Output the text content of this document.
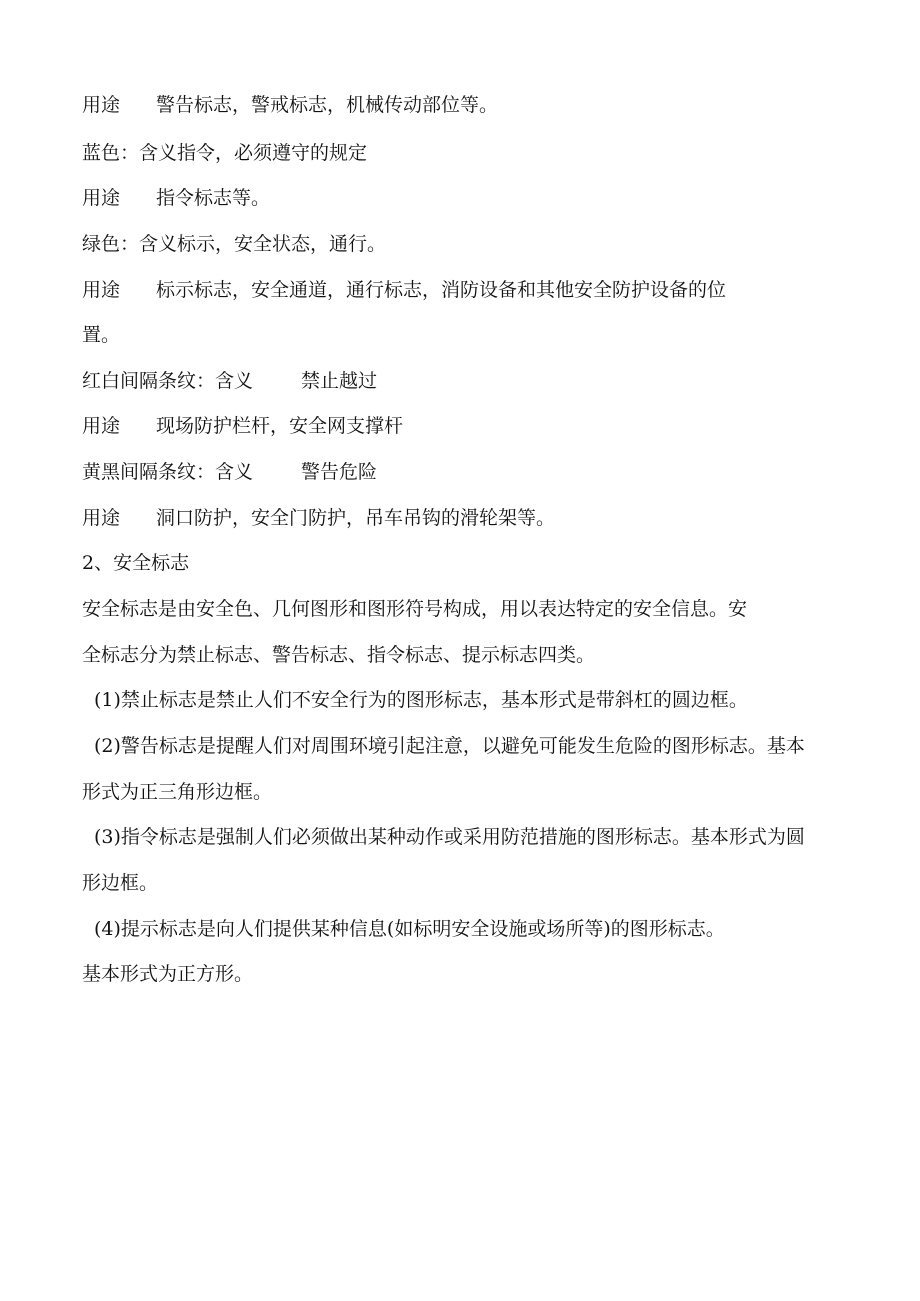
用途 警告标志，警戒标志，机械传动部位等。
蓝色：含义指令，必须遵守的规定
用途 指令标志等。
绿色：含义标示，安全状态，通行。
用途 标示标志，安全通道，通行标志，消防设备和其他安全防护设备的位
置。
红白间隔条纹：含义	禁止越过
用途 现场防护栏杆，安全网支撑杆
黄黑间隔条纹：含义	警告危险
用途 洞口防护，安全门防护，吊车吊钩的滑轮架等。
2、安全标志
安全标志是由安全色、几何图形和图形符号构成，用以表达特定的安全信息。安
全标志分为禁止标志、警告标志、指令标志、提示标志四类。
(1)禁止标志是禁止人们不安全行为的图形标志，基本形式是带斜杠的圆边框。
(2)警告标志是提醒人们对周围环境引起注意，以避免可能发生危险的图形标志。基本
形式为正三角形边框。
(3)指令标志是强制人们必须做出某种动作或采用防范措施的图形标志。基本形式为圆
形边框。
(4)提示标志是向人们提供某种信息(如标明安全设施或场所等)的图形标志。
基本形式为正方形。
